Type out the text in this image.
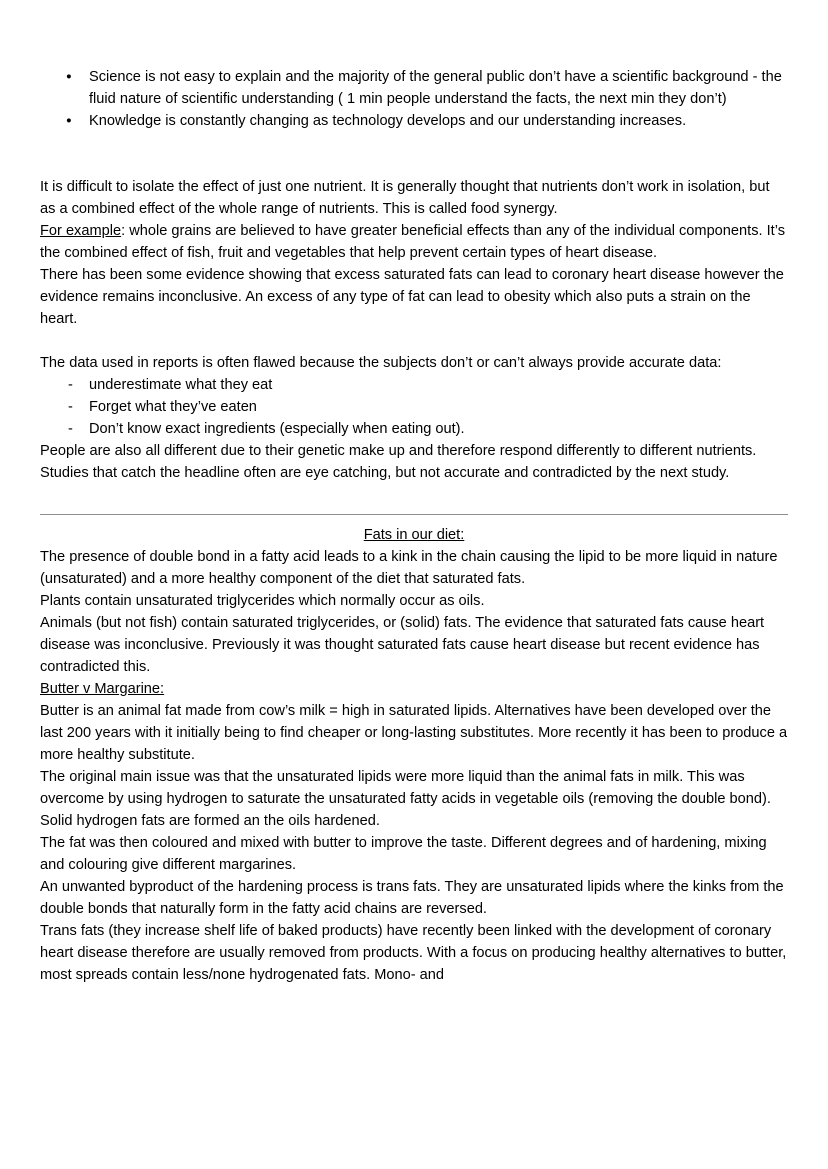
● Science is not easy to explain and the majority of the general public don’t have a scientific background - the fluid nature of scientific understanding ( 1 min people understand the facts, the next min they don’t)
● Knowledge is constantly changing as technology develops and our understanding increases.

It is difficult to isolate the effect of just one nutrient. It is generally thought that nutrients don’t work in isolation, but as a combined effect of the whole range of nutrients. This is called food synergy.

For example: whole grains are believed to have greater beneficial effects than any of the individual components. It’s the combined effect of fish, fruit and vegetables that help prevent certain types of heart disease.

There has been some evidence showing that excess saturated fats can lead to coronary heart disease however the evidence remains inconclusive. An excess of any type of fat can lead to obesity which also puts a strain on the heart.

The data used in reports is often flawed because the subjects don’t or can’t always provide accurate data:

- underestimate what they eat
- Forget what they’ve eaten
- Don’t know exact ingredients (especially when eating out).

People are also all different due to their genetic make up and therefore respond differently to different nutrients.

Studies that catch the headline often are eye catching, but not accurate and contradicted by the next study.

Fats in our diet:

The presence of double bond in a fatty acid leads to a kink in the chain causing the lipid to be more liquid in nature (unsaturated) and a more healthy component of the diet that saturated fats.

Plants contain unsaturated triglycerides which normally occur as oils.

Animals (but not fish) contain saturated triglycerides, or (solid) fats. The evidence that saturated fats cause heart disease was inconclusive. Previously it was thought saturated fats cause heart disease but recent evidence has contradicted this.

Butter v Margarine:

Butter is an animal fat made from cow’s milk = high in saturated lipids. Alternatives have been developed over the last 200 years with it initially being to find cheaper or long-lasting substitutes. More recently it has been to produce a more healthy substitute.

The original main issue was that the unsaturated lipids were more liquid than the animal fats in milk. This was overcome by using hydrogen to saturate the unsaturated fatty acids in vegetable oils (removing the double bond). Solid hydrogen fats are formed an the oils hardened.

The fat was then coloured and mixed with butter to improve the taste. Different degrees and of hardening, mixing and colouring give different margarines.

An unwanted byproduct of the hardening process is trans fats. They are unsaturated lipids where the kinks from the double bonds that naturally form in the fatty acid chains are reversed.

Trans fats (they increase shelf life of baked products) have recently been linked with the development of coronary heart disease therefore are usually removed from products. With a focus on producing healthy alternatives to butter, most spreads contain less/none hydrogenated fats. Mono- and
